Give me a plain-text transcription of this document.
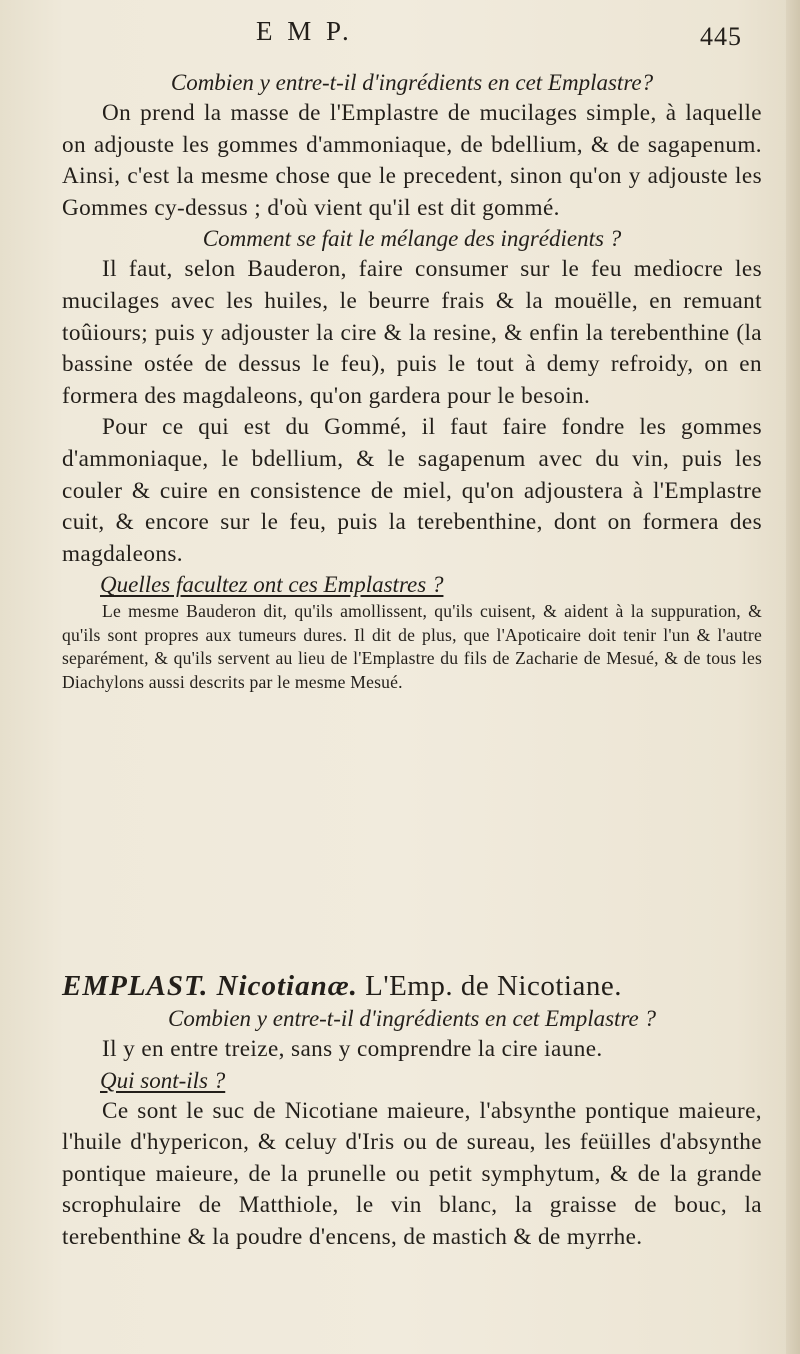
E M P.	445

Combien y entre-t-il d'ingrédients en cet Emplastre?

On prend la masse de l'Emplastre de mucilages simple, à laquelle on adjouste les gommes d'ammoniaque, de bdellium, & de sagapenum. Ainsi, c'est la mesme chose que le precedent, sinon qu'on y adjouste les Gommes cy-dessus ; d'où vient qu'il est dit gommé.

Comment se fait le mélange des ingrédients ?

Il faut, selon Bauderon, faire consumer sur le feu mediocre les mucilages avec les huiles, le beurre frais & la mouëlle, en remuant toûiours; puis y adjouster la cire & la resine, & enfin la terebenthine (la bassine ostée de dessus le feu), puis le tout à demy refroidy, on en formera des magdaleons, qu'on gardera pour le besoin.

Pour ce qui est du Gommé, il faut faire fondre les gommes d'ammoniaque, le bdellium, & le sagapenum avec du vin, puis les couler & cuire en consistence de miel, qu'on adjoustera à l'Emplastre cuit, & encore sur le feu, puis la terebenthine, dont on formera des magdaleons.

Quelles facultez ont ces Emplastres ?

Le mesme Bauderon dit, qu'ils amollissent, qu'ils cuisent, & aident à la suppuration, & qu'ils sont propres aux tumeurs dures. Il dit de plus, que l'Apoticaire doit tenir l'un & l'autre separément, & qu'ils servent au lieu de l'Emplastre du fils de Zacharie de Mesué, & de tous les Diachylons aussi descrits par le mesme Mesué.

EMPLAST. Nicotianæ. L'Emp. de Nicotiane.

Combien y entre-t-il d'ingrédients en cet Emplastre ?

Il y en entre treize, sans y comprendre la cire iaune.

Qui sont-ils ?

Ce sont le suc de Nicotiane maieure, l'absynthe pontique maieure, l'huile d'hypericon, & celuy d'Iris ou de sureau, les feüilles d'absynthe pontique maieure, de la prunelle ou petit symphytum, & de la grande scrophulaire de Matthiole, le vin blanc, la graisse de bouc, la terebenthine & la poudre d'encens, de mastich & de myrrhe.
